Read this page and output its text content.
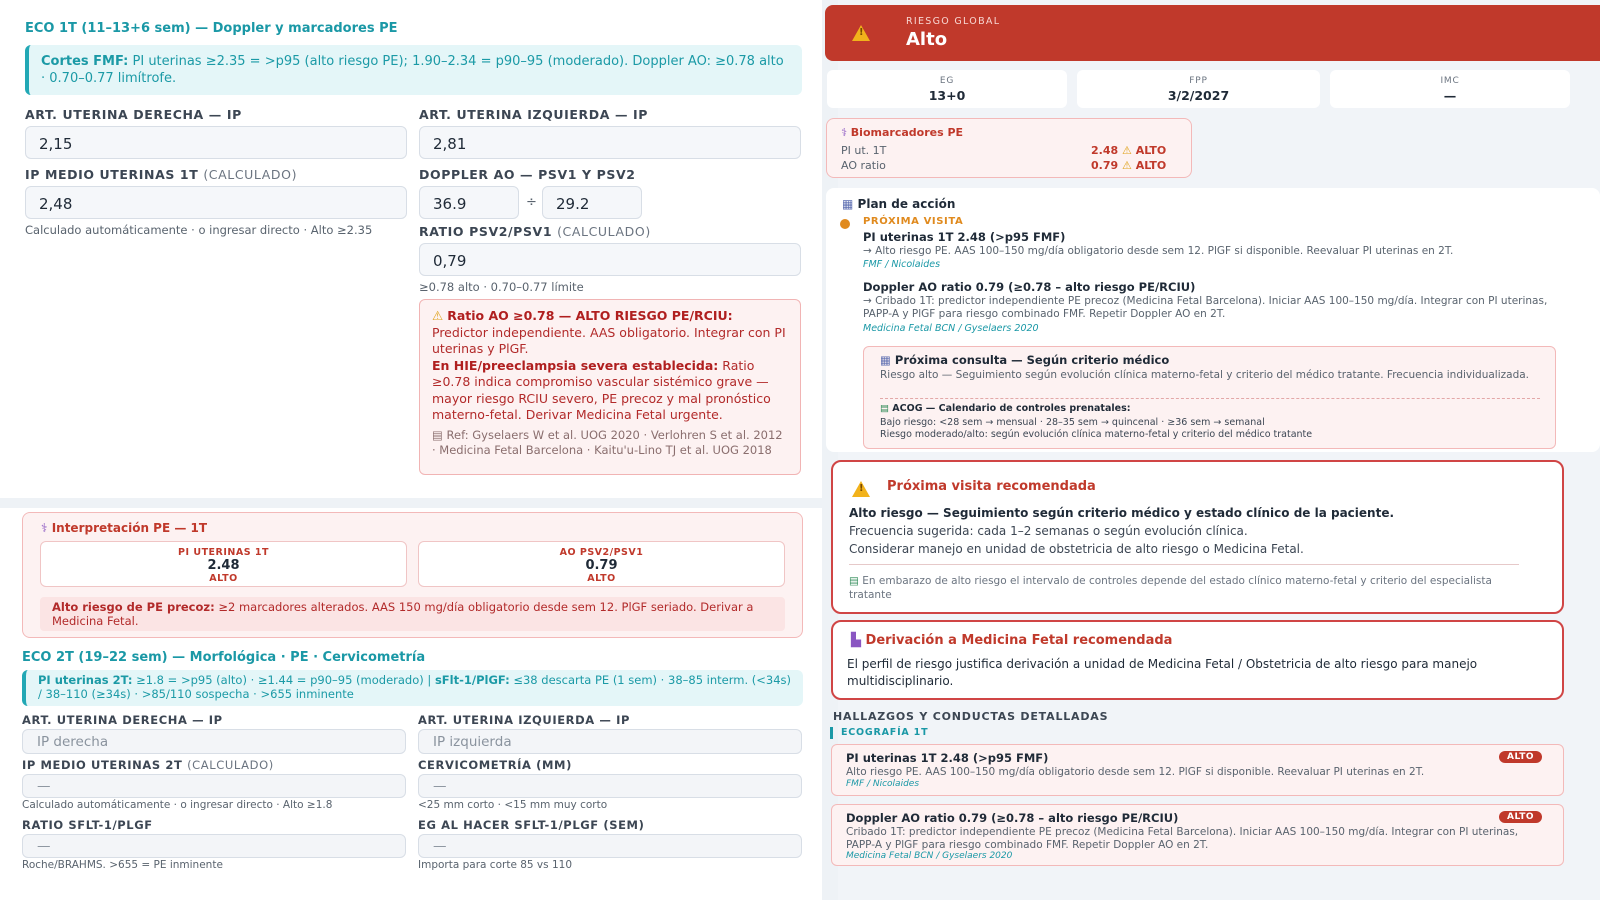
ECO 1T (11–13+6 sem) — Doppler y marcadores PE
Cortes FMF: PI uterinas ≥2.35 = >p95 (alto riesgo PE); 1.90–2.34 = p90–95 (moderado). Doppler AO: ≥0.78 alto · 0.70–0.77 limítrofe.
ART. UTERINA DERECHA — IP
2,15
ART. UTERINA IZQUIERDA — IP
2,81
IP MEDIO UTERINAS 1T (CALCULADO)
2,48
Calculado automáticamente · o ingresar directo · Alto ≥2.35
DOPPLER AO — PSV1 Y PSV2
36.9	÷	29.2
RATIO PSV2/PSV1 (CALCULADO)
0,79
≥0.78 alto · 0.70–0.77 límite
⚠ Ratio AO ≥0.78 — ALTO RIESGO PE/RCIU:
Predictor independiente. AAS obligatorio. Integrar con PI uterinas y PlGF.
En HIE/preeclampsia severa establecida: Ratio ≥0.78 indica compromiso vascular sistémico grave — mayor riesgo RCIU severo, PE precoz y mal pronóstico materno-fetal. Derivar Medicina Fetal urgente.
▤ Ref: Gyselaers W et al. UOG 2020 · Verlohren S et al. 2012 · Medicina Fetal Barcelona · Kaitu'u-Lino TJ et al. UOG 2018
⚕ Interpretación PE — 1T
PI UTERINAS 1T
2.48
ALTO
AO PSV2/PSV1
0.79
ALTO
Alto riesgo de PE precoz: ≥2 marcadores alterados. AAS 150 mg/día obligatorio desde sem 12. PlGF seriado. Derivar a Medicina Fetal.
ECO 2T (19–22 sem) — Morfológica · PE · Cervicometría
PI uterinas 2T: ≥1.8 = >p95 (alto) · ≥1.44 = p90–95 (moderado) | sFlt-1/PlGF: ≤38 descarta PE (1 sem) · 38–85 interm. (<34s) / 38–110 (≥34s) · >85/110 sospecha · >655 inminente
ART. UTERINA DERECHA — IP
IP derecha
ART. UTERINA IZQUIERDA — IP
IP izquierda
IP MEDIO UTERINAS 2T (CALCULADO)
—
Calculado automáticamente · o ingresar directo · Alto ≥1.8
CERVICOMETRÍA (MM)
—
<25 mm corto · <15 mm muy corto
RATIO SFLT-1/PLGF
—
Roche/BRAHMS. >655 = PE inminente
EG AL HACER SFLT-1/PLGF (SEM)
—
Importa para corte 85 vs 110
!
RIESGO GLOBAL
Alto
EG
13+0
FPP
3/2/2027
IMC
—
⚕ Biomarcadores PE
PI ut. 1T	2.48 ⚠ ALTO
AO ratio	0.79 ⚠ ALTO
▦ Plan de acción
PRÓXIMA VISITA
PI uterinas 1T 2.48 (>p95 FMF)
→ Alto riesgo PE. AAS 100–150 mg/día obligatorio desde sem 12. PlGF si disponible. Reevaluar PI uterinas en 2T.
FMF / Nicolaides
Doppler AO ratio 0.79 (≥0.78 – alto riesgo PE/RCIU)
→ Cribado 1T: predictor independiente PE precoz (Medicina Fetal Barcelona). Iniciar AAS 100–150 mg/día. Integrar con PI uterinas, PAPP-A y PlGF para riesgo combinado FMF. Repetir Doppler AO en 2T.
Medicina Fetal BCN / Gyselaers 2020
▦ Próxima consulta — Según criterio médico
Riesgo alto — Seguimiento según evolución clínica materno-fetal y criterio del médico tratante. Frecuencia individualizada.
▤ ACOG — Calendario de controles prenatales:
Bajo riesgo: <28 sem → mensual · 28–35 sem → quincenal · ≥36 sem → semanal
Riesgo moderado/alto: según evolución clínica materno-fetal y criterio del médico tratante
! Próxima visita recomendada
Alto riesgo — Seguimiento según criterio médico y estado clínico de la paciente.
Frecuencia sugerida: cada 1–2 semanas o según evolución clínica.
Considerar manejo en unidad de obstetricia de alto riesgo o Medicina Fetal.
▤ En embarazo de alto riesgo el intervalo de controles depende del estado clínico materno-fetal y criterio del especialista tratante
▙ Derivación a Medicina Fetal recomendada
El perfil de riesgo justifica derivación a unidad de Medicina Fetal / Obstetricia de alto riesgo para manejo multidisciplinario.
HALLAZGOS Y CONDUCTAS DETALLADAS
ECOGRAFÍA 1T
PI uterinas 1T 2.48 (>p95 FMF)	ALTO
Alto riesgo PE. AAS 100–150 mg/día obligatorio desde sem 12. PlGF si disponible. Reevaluar PI uterinas en 2T.
FMF / Nicolaides
Doppler AO ratio 0.79 (≥0.78 – alto riesgo PE/RCIU)	ALTO
Cribado 1T: predictor independiente PE precoz (Medicina Fetal Barcelona). Iniciar AAS 100–150 mg/día. Integrar con PI uterinas, PAPP-A y PlGF para riesgo combinado FMF. Repetir Doppler AO en 2T.
Medicina Fetal BCN / Gyselaers 2020
